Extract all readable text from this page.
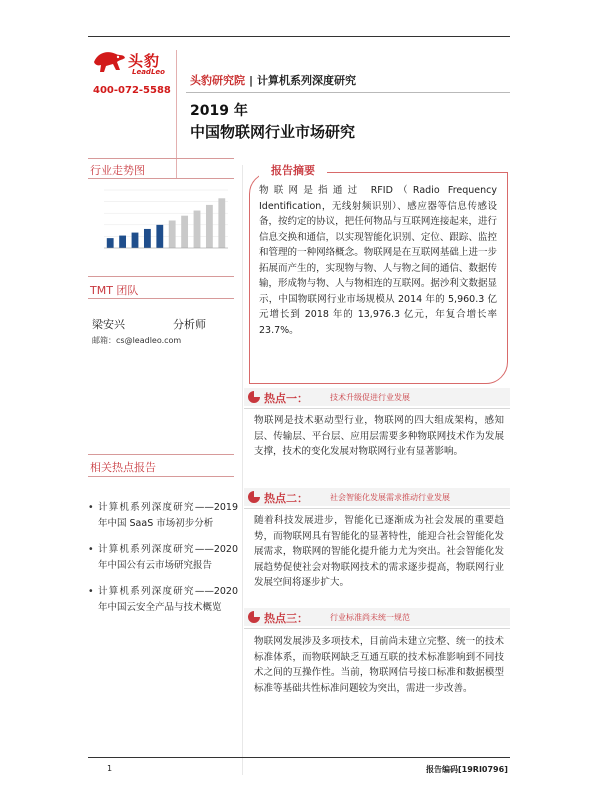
头豹
LeadLeo
400-072-5588
头豹研究院 | 计算机系列深度研究
2019 年
中国物联网行业市场研究
行业走势图
TMT 团队
梁安兴	分析师
邮箱：cs@leadleo.com
相关热点报告
• 计算机系列深度研究——2019 年中国 SaaS 市场初步分析
• 计算机系列深度研究——2020 年中国公有云市场研究报告
• 计算机系列深度研究——2020 年中国云安全产品与技术概览
报告摘要
物联网是指通过 RFID（Radio Frequency Identification，无线射频识别）、感应器等信息传感设备，按约定的协议，把任何物品与互联网连接起来，进行信息交换和通信，以实现智能化识别、定位、跟踪、监控和管理的一种网络概念。物联网是在互联网基础上进一步拓展而产生的，实现物与物、人与物之间的通信、数据传输，形成物与物、人与物相连的互联网。据沙利文数据显示，中国物联网行业市场规模从 2014 年的 5,960.3 亿元增长到 2018 年的 13,976.3 亿元，年复合增长率 23.7%。
热点一：	技术升级促进行业发展
物联网是技术驱动型行业，物联网的四大组成架构，感知层、传输层、平台层、应用层需要多种物联网技术作为发展支撑，技术的变化发展对物联网行业有显著影响。
热点二：	社会智能化发展需求推动行业发展
随着科技发展进步，智能化已逐渐成为社会发展的重要趋势，而物联网具有智能化的显著特性，能迎合社会智能化发展需求，物联网的智能化提升能力尤为突出。社会智能化发展趋势促使社会对物联网技术的需求逐步提高，物联网行业发展空间将逐步扩大。
热点三：	行业标准尚未统一规范
物联网发展涉及多项技术，目前尚未建立完整、统一的技术标准体系，而物联网缺乏互通互联的技术标准影响到不同技术之间的互操作性。当前，物联网信号接口标准和数据模型标准等基础共性标准问题较为突出，需进一步改善。
1	报告编码[19RI0796]
